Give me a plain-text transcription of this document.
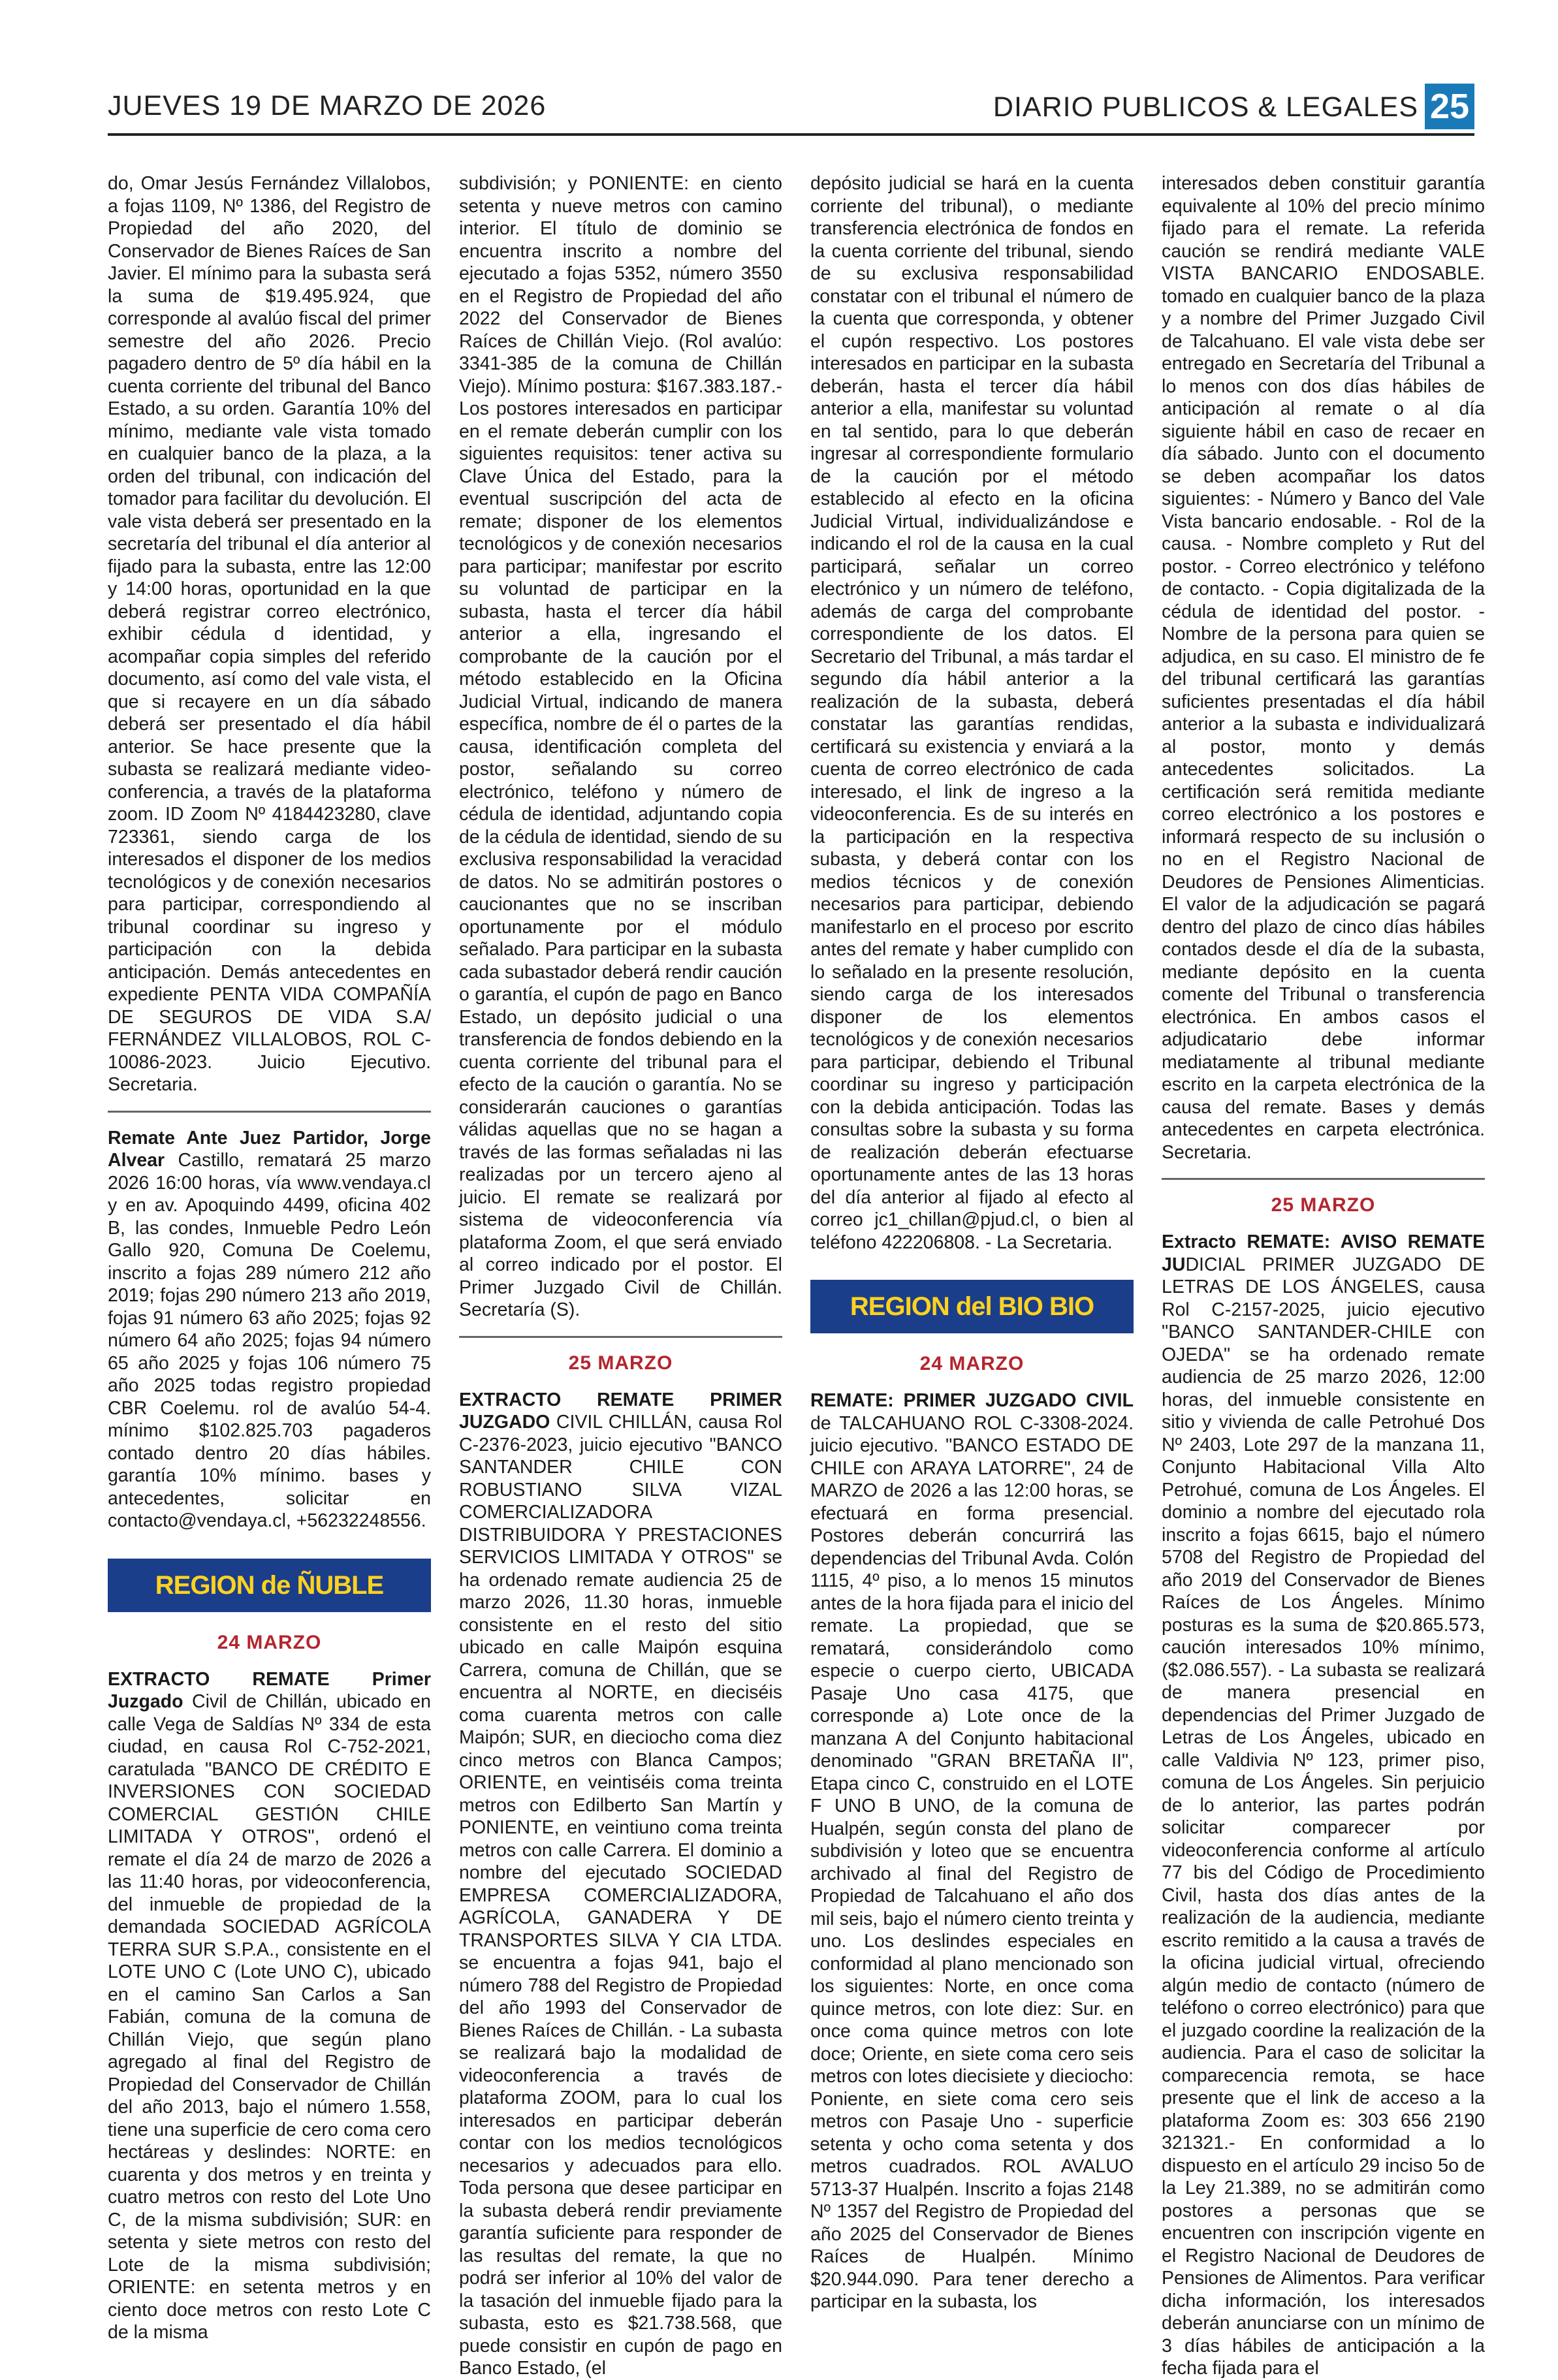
JUEVES 19 DE MARZO DE 2026	DIARIO PUBLICOS & LEGALES 25

do, Omar Jesús Fernández Villalobos, a fojas 1109, Nº 1386, del Registro de Propiedad del año 2020, del Conservador de Bienes Raíces de San Javier. El mínimo para la subasta será la suma de $19.495.924, que corresponde al avalúo fiscal del primer semestre del año 2026. Precio pagadero dentro de 5º día hábil en la cuenta corriente del tribunal del Banco Estado, a su orden. Garantía 10% del mínimo, mediante vale vista tomado en cualquier banco de la plaza, a la orden del tribunal, con indicación del tomador para facilitar du devolución. El vale vista deberá ser presentado en la secretaría del tribunal el día anterior al fijado para la subasta, entre las 12:00 y 14:00 horas, oportunidad en la que deberá registrar correo electrónico, exhibir cédula d identidad, y acompañar copia simples del referido documento, así como del vale vista, el que si recayere en un día sábado deberá ser presentado el día hábil anterior. Se hace presente que la subasta se realizará mediante video- conferencia, a través de la plataforma zoom. ID Zoom Nº 4184423280, clave 723361, siendo carga de los interesados el disponer de los medios tecnológicos y de conexión necesarios para participar, correspondiendo al tribunal coordinar su ingreso y participación con la debida anticipación. Demás antecedentes en expediente PENTA VIDA COMPAÑÍA DE SEGUROS DE VIDA S.A/ FERNÁNDEZ VILLALOBOS, ROL C-10086-2023. Juicio Ejecutivo. Secretaria.

Remate Ante Juez Partidor, Jorge Alvear Castillo, rematará 25 marzo 2026 16:00 horas, vía www.vendaya.cl y en av. Apoquindo 4499, oficina 402 B, las condes, Inmueble Pedro León Gallo 920, Comuna De Coelemu, inscrito a fojas 289 número 212 año 2019; fojas 290 número 213 año 2019, fojas 91 número 63 año 2025; fojas 92 número 64 año 2025; fojas 94 número 65 año 2025 y fojas 106 número 75 año 2025 todas registro propiedad CBR Coelemu. rol de avalúo 54-4. mínimo $102.825.703 pagaderos contado dentro 20 días hábiles. garantía 10% mínimo. bases y antecedentes, solicitar en contacto@vendaya.cl, +56232248556.

REGION de ÑUBLE
24 MARZO

EXTRACTO REMATE Primer Juzgado Civil de Chillán, ubicado en calle Vega de Saldías Nº 334 de esta ciudad, en causa Rol C-752-2021, caratulada "BANCO DE CRÉDITO E INVERSIONES CON SOCIEDAD COMERCIAL GESTIÓN CHILE LIMITADA Y OTROS", ordenó el remate el día 24 de marzo de 2026 a las 11:40 horas, por videoconferencia, del inmueble de propiedad de la demandada SOCIEDAD AGRÍCOLA TERRA SUR S.P.A., consistente en el LOTE UNO C (Lote UNO C), ubicado en el camino San Carlos a San Fabián, comuna de la comuna de Chillán Viejo, que según plano agregado al final del Registro de Propiedad del Conservador de Chillán del año 2013, bajo el número 1.558, tiene una superficie de cero coma cero hectáreas y deslindes: NORTE: en cuarenta y dos metros y en treinta y cuatro metros con resto del Lote Uno C, de la misma subdivisión; SUR: en setenta y siete metros con resto del Lote de la misma subdivisión; ORIENTE: en setenta metros y en ciento doce metros con resto Lote C de la misma

subdivisión; y PONIENTE: en ciento setenta y nueve metros con camino interior. El título de dominio se encuentra inscrito a nombre del ejecutado a fojas 5352, número 3550 en el Registro de Propiedad del año 2022 del Conservador de Bienes Raíces de Chillán Viejo. (Rol avalúo: 3341-385 de la comuna de Chillán Viejo). Mínimo postura: $167.383.187.- Los postores interesados en participar en el remate deberán cumplir con los siguientes requisitos: tener activa su Clave Única del Estado, para la eventual suscripción del acta de remate; disponer de los elementos tecnológicos y de conexión necesarios para participar; manifestar por escrito su voluntad de participar en la subasta, hasta el tercer día hábil anterior a ella, ingresando el comprobante de la caución por el método establecido en la Oficina Judicial Virtual, indicando de manera específica, nombre de él o partes de la causa, identificación completa del postor, señalando su correo electrónico, teléfono y número de cédula de identidad, adjuntando copia de la cédula de identidad, siendo de su exclusiva responsabilidad la veracidad de datos. No se admitirán postores o caucionantes que no se inscriban oportunamente por el módulo señalado. Para participar en la subasta cada subastador deberá rendir caución o garantía, el cupón de pago en Banco Estado, un depósito judicial o una transferencia de fondos debiendo en la cuenta corriente del tribunal para el efecto de la caución o garantía. No se considerarán cauciones o garantías válidas aquellas que no se hagan a través de las formas señaladas ni las realizadas por un tercero ajeno al juicio. El remate se realizará por sistema de videoconferencia vía plataforma Zoom, el que será enviado al correo indicado por el postor. El Primer Juzgado Civil de Chillán. Secretaría (S).

25 MARZO

EXTRACTO REMATE PRIMER JUZGADO CIVIL CHILLÁN, causa Rol C-2376-2023, juicio ejecutivo "BANCO SANTANDER CHILE CON ROBUSTIANO SILVA VIZAL COMERCIALIZADORA DISTRIBUIDORA Y PRESTACIONES SERVICIOS LIMITADA Y OTROS" se ha ordenado remate audiencia 25 de marzo 2026, 11.30 horas, inmueble consistente en el resto del sitio ubicado en calle Maipón esquina Carrera, comuna de Chillán, que se encuentra al NORTE, en dieciséis coma cuarenta metros con calle Maipón; SUR, en dieciocho coma diez cinco metros con Blanca Campos; ORIENTE, en veintiséis coma treinta metros con Edilberto San Martín y PONIENTE, en veintiuno coma treinta metros con calle Carrera. El dominio a nombre del ejecutado SOCIEDAD EMPRESA COMERCIALIZADORA, AGRÍCOLA, GANADERA Y DE TRANSPORTES SILVA Y CIA LTDA. se encuentra a fojas 941, bajo el número 788 del Registro de Propiedad del año 1993 del Conservador de Bienes Raíces de Chillán. - La subasta se realizará bajo la modalidad de videoconferencia a través de plataforma ZOOM, para lo cual los interesados en participar deberán contar con los medios tecnológicos necesarios y adecuados para ello. Toda persona que desee participar en la subasta deberá rendir previamente garantía suficiente para responder de las resultas del remate, la que no podrá ser inferior al 10% del valor de la tasación del inmueble fijado para la subasta, esto es $21.738.568, que puede consistir en cupón de pago en Banco Estado, (el

depósito judicial se hará en la cuenta corriente del tribunal), o mediante transferencia electrónica de fondos en la cuenta corriente del tribunal, siendo de su exclusiva responsabilidad constatar con el tribunal el número de la cuenta que corresponda, y obtener el cupón respectivo. Los postores interesados en participar en la subasta deberán, hasta el tercer día hábil anterior a ella, manifestar su voluntad en tal sentido, para lo que deberán ingresar al correspondiente formulario de la caución por el método establecido al efecto en la oficina Judicial Virtual, individualizándose e indicando el rol de la causa en la cual participará, señalar un correo electrónico y un número de teléfono, además de carga del comprobante correspondiente de los datos. El Secretario del Tribunal, a más tardar el segundo día hábil anterior a la realización de la subasta, deberá constatar las garantías rendidas, certificará su existencia y enviará a la cuenta de correo electrónico de cada interesado, el link de ingreso a la videoconferencia. Es de su interés en la participación en la respectiva subasta, y deberá contar con los medios técnicos y de conexión necesarios para participar, debiendo manifestarlo en el proceso por escrito antes del remate y haber cumplido con lo señalado en la presente resolución, siendo carga de los interesados disponer de los elementos tecnológicos y de conexión necesarios para participar, debiendo el Tribunal coordinar su ingreso y participación con la debida anticipación. Todas las consultas sobre la subasta y su forma de realización deberán efectuarse oportunamente antes de las 13 horas del día anterior al fijado al efecto al correo jc1_chillan@pjud.cl, o bien al teléfono 422206808. - La Secretaria.

REGION del BIO BIO
24 MARZO

REMATE: PRIMER JUZGADO CIVIL de TALCAHUANO ROL C-3308-2024. juicio ejecutivo. "BANCO ESTADO DE CHILE con ARAYA LATORRE", 24 de MARZO de 2026 a las 12:00 horas, se efectuará en forma presencial. Postores deberán concurrirá las dependencias del Tribunal Avda. Colón 1115, 4º piso, a lo menos 15 minutos antes de la hora fijada para el inicio del remate. La propiedad, que se rematará, considerándolo como especie o cuerpo cierto, UBICADA Pasaje Uno casa 4175, que corresponde a) Lote once de la manzana A del Conjunto habitacional denominado "GRAN BRETAÑA II", Etapa cinco C, construido en el LOTE F UNO B UNO, de la comuna de Hualpén, según consta del plano de subdivisión y loteo que se encuentra archivado al final del Registro de Propiedad de Talcahuano el año dos mil seis, bajo el número ciento treinta y uno. Los deslindes especiales en conformidad al plano mencionado son los siguientes: Norte, en once coma quince metros, con lote diez: Sur. en once coma quince metros con lote doce; Oriente, en siete coma cero seis metros con lotes diecisiete y dieciocho: Poniente, en siete coma cero seis metros con Pasaje Uno - superficie setenta y ocho coma setenta y dos metros cuadrados. ROL AVALUO 5713-37 Hualpén. Inscrito a fojas 2148 Nº 1357 del Registro de Propiedad del año 2025 del Conservador de Bienes Raíces de Hualpén. Mínimo $20.944.090. Para tener derecho a participar en la subasta, los

interesados deben constituir garantía equivalente al 10% del precio mínimo fijado para el remate. La referida caución se rendirá mediante VALE VISTA BANCARIO ENDOSABLE. tomado en cualquier banco de la plaza y a nombre del Primer Juzgado Civil de Talcahuano. El vale vista debe ser entregado en Secretaría del Tribunal a lo menos con dos días hábiles de anticipación al remate o al día siguiente hábil en caso de recaer en día sábado. Junto con el documento se deben acompañar los datos siguientes: - Número y Banco del Vale Vista bancario endosable. - Rol de la causa. - Nombre completo y Rut del postor. - Correo electrónico y teléfono de contacto. - Copia digitalizada de la cédula de identidad del postor. - Nombre de la persona para quien se adjudica, en su caso. El ministro de fe del tribunal certificará las garantías suficientes presentadas el día hábil anterior a la subasta e individualizará al postor, monto y demás antecedentes solicitados. La certificación será remitida mediante correo electrónico a los postores e informará respecto de su inclusión o no en el Registro Nacional de Deudores de Pensiones Alimenticias. El valor de la adjudicación se pagará dentro del plazo de cinco días hábiles contados desde el día de la subasta, mediante depósito en la cuenta comente del Tribunal o transferencia electrónica. En ambos casos el adjudicatario debe informar mediatamente al tribunal mediante escrito en la carpeta electrónica de la causa del remate. Bases y demás antecedentes en carpeta electrónica. Secretaria.

25 MARZO

Extracto REMATE: AVISO REMATE JUDICIAL PRIMER JUZGADO DE LETRAS DE LOS ÁNGELES, causa Rol C-2157-2025, juicio ejecutivo "BANCO SANTANDER-CHILE con OJEDA" se ha ordenado remate audiencia de 25 marzo 2026, 12:00 horas, del inmueble consistente en sitio y vivienda de calle Petrohué Dos Nº 2403, Lote 297 de la manzana 11, Conjunto Habitacional Villa Alto Petrohué, comuna de Los Ángeles. El dominio a nombre del ejecutado rola inscrito a fojas 6615, bajo el número 5708 del Registro de Propiedad del año 2019 del Conservador de Bienes Raíces de Los Ángeles. Mínimo posturas es la suma de $20.865.573, caución interesados 10% mínimo, ($2.086.557). - La subasta se realizará de manera presencial en dependencias del Primer Juzgado de Letras de Los Ángeles, ubicado en calle Valdivia Nº 123, primer piso, comuna de Los Ángeles. Sin perjuicio de lo anterior, las partes podrán solicitar comparecer por videoconferencia conforme al artículo 77 bis del Código de Procedimiento Civil, hasta dos días antes de la realización de la audiencia, mediante escrito remitido a la causa a través de la oficina judicial virtual, ofreciendo algún medio de contacto (número de teléfono o correo electrónico) para que el juzgado coordine la realización de la audiencia. Para el caso de solicitar la comparecencia remota, se hace presente que el link de acceso a la plataforma Zoom es: 303 656 2190 321321.- En conformidad a lo dispuesto en el artículo 29 inciso 5o de la Ley 21.389, no se admitirán como postores a personas que se encuentren con inscripción vigente en el Registro Nacional de Deudores de Pensiones de Alimentos. Para verificar dicha información, los interesados deberán anunciarse con un mínimo de 3 días hábiles de anticipación a la fecha fijada para el
